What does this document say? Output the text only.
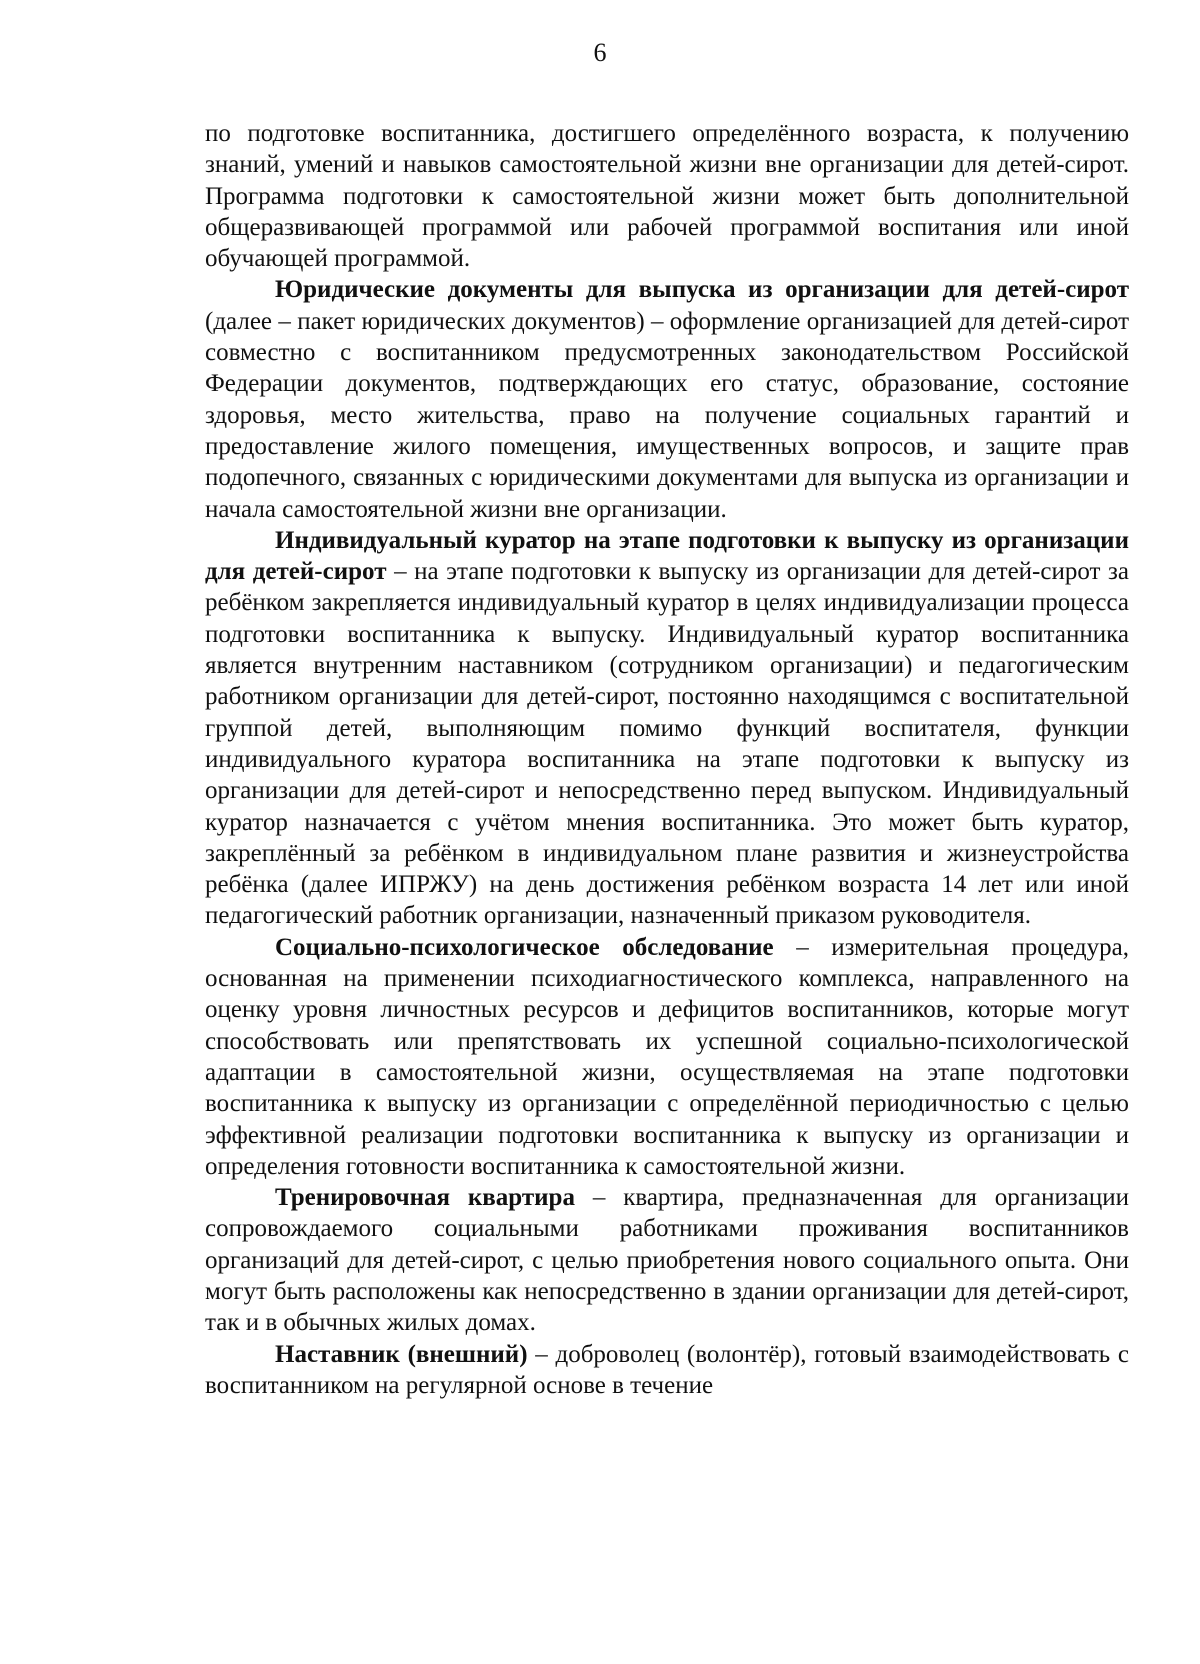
6

по подготовке воспитанника, достигшего определённого возраста, к получению знаний, умений и навыков самостоятельной жизни вне организации для детей-сирот. Программа подготовки к самостоятельной жизни может быть дополнительной общеразвивающей программой или рабочей программой воспитания или иной обучающей программой.

Юридические документы для выпуска из организации для детей-сирот (далее – пакет юридических документов) – оформление организацией для детей-сирот совместно с воспитанником предусмотренных законодательством Российской Федерации документов, подтверждающих его статус, образование, состояние здоровья, место жительства, право на получение социальных гарантий и предоставление жилого помещения, имущественных вопросов, и защите прав подопечного, связанных с юридическими документами для выпуска из организации и начала самостоятельной жизни вне организации.

Индивидуальный куратор на этапе подготовки к выпуску из организации для детей-сирот – на этапе подготовки к выпуску из организации для детей-сирот за ребёнком закрепляется индивидуальный куратор в целях индивидуализации процесса подготовки воспитанника к выпуску. Индивидуальный куратор воспитанника является внутренним наставником (сотрудником организации) и педагогическим работником организации для детей-сирот, постоянно находящимся с воспитательной группой детей, выполняющим помимо функций воспитателя, функции индивидуального куратора воспитанника на этапе подготовки к выпуску из организации для детей-сирот и непосредственно перед выпуском. Индивидуальный куратор назначается с учётом мнения воспитанника. Это может быть куратор, закреплённый за ребёнком в индивидуальном плане развития и жизнеустройства ребёнка (далее ИПРЖУ) на день достижения ребёнком возраста 14 лет или иной педагогический работник организации, назначенный приказом руководителя.

Социально-психологическое обследование – измерительная процедура, основанная на применении психодиагностического комплекса, направленного на оценку уровня личностных ресурсов и дефицитов воспитанников, которые могут способствовать или препятствовать их успешной социально-психологической адаптации в самостоятельной жизни, осуществляемая на этапе подготовки воспитанника к выпуску из организации с определённой периодичностью с целью эффективной реализации подготовки воспитанника к выпуску из организации и определения готовности воспитанника к самостоятельной жизни.

Тренировочная квартира – квартира, предназначенная для организации сопровождаемого социальными работниками проживания воспитанников организаций для детей-сирот, с целью приобретения нового социального опыта. Они могут быть расположены как непосредственно в здании организации для детей-сирот, так и в обычных жилых домах.

Наставник (внешний) – доброволец (волонтёр), готовый взаимодействовать с воспитанником на регулярной основе в течение
